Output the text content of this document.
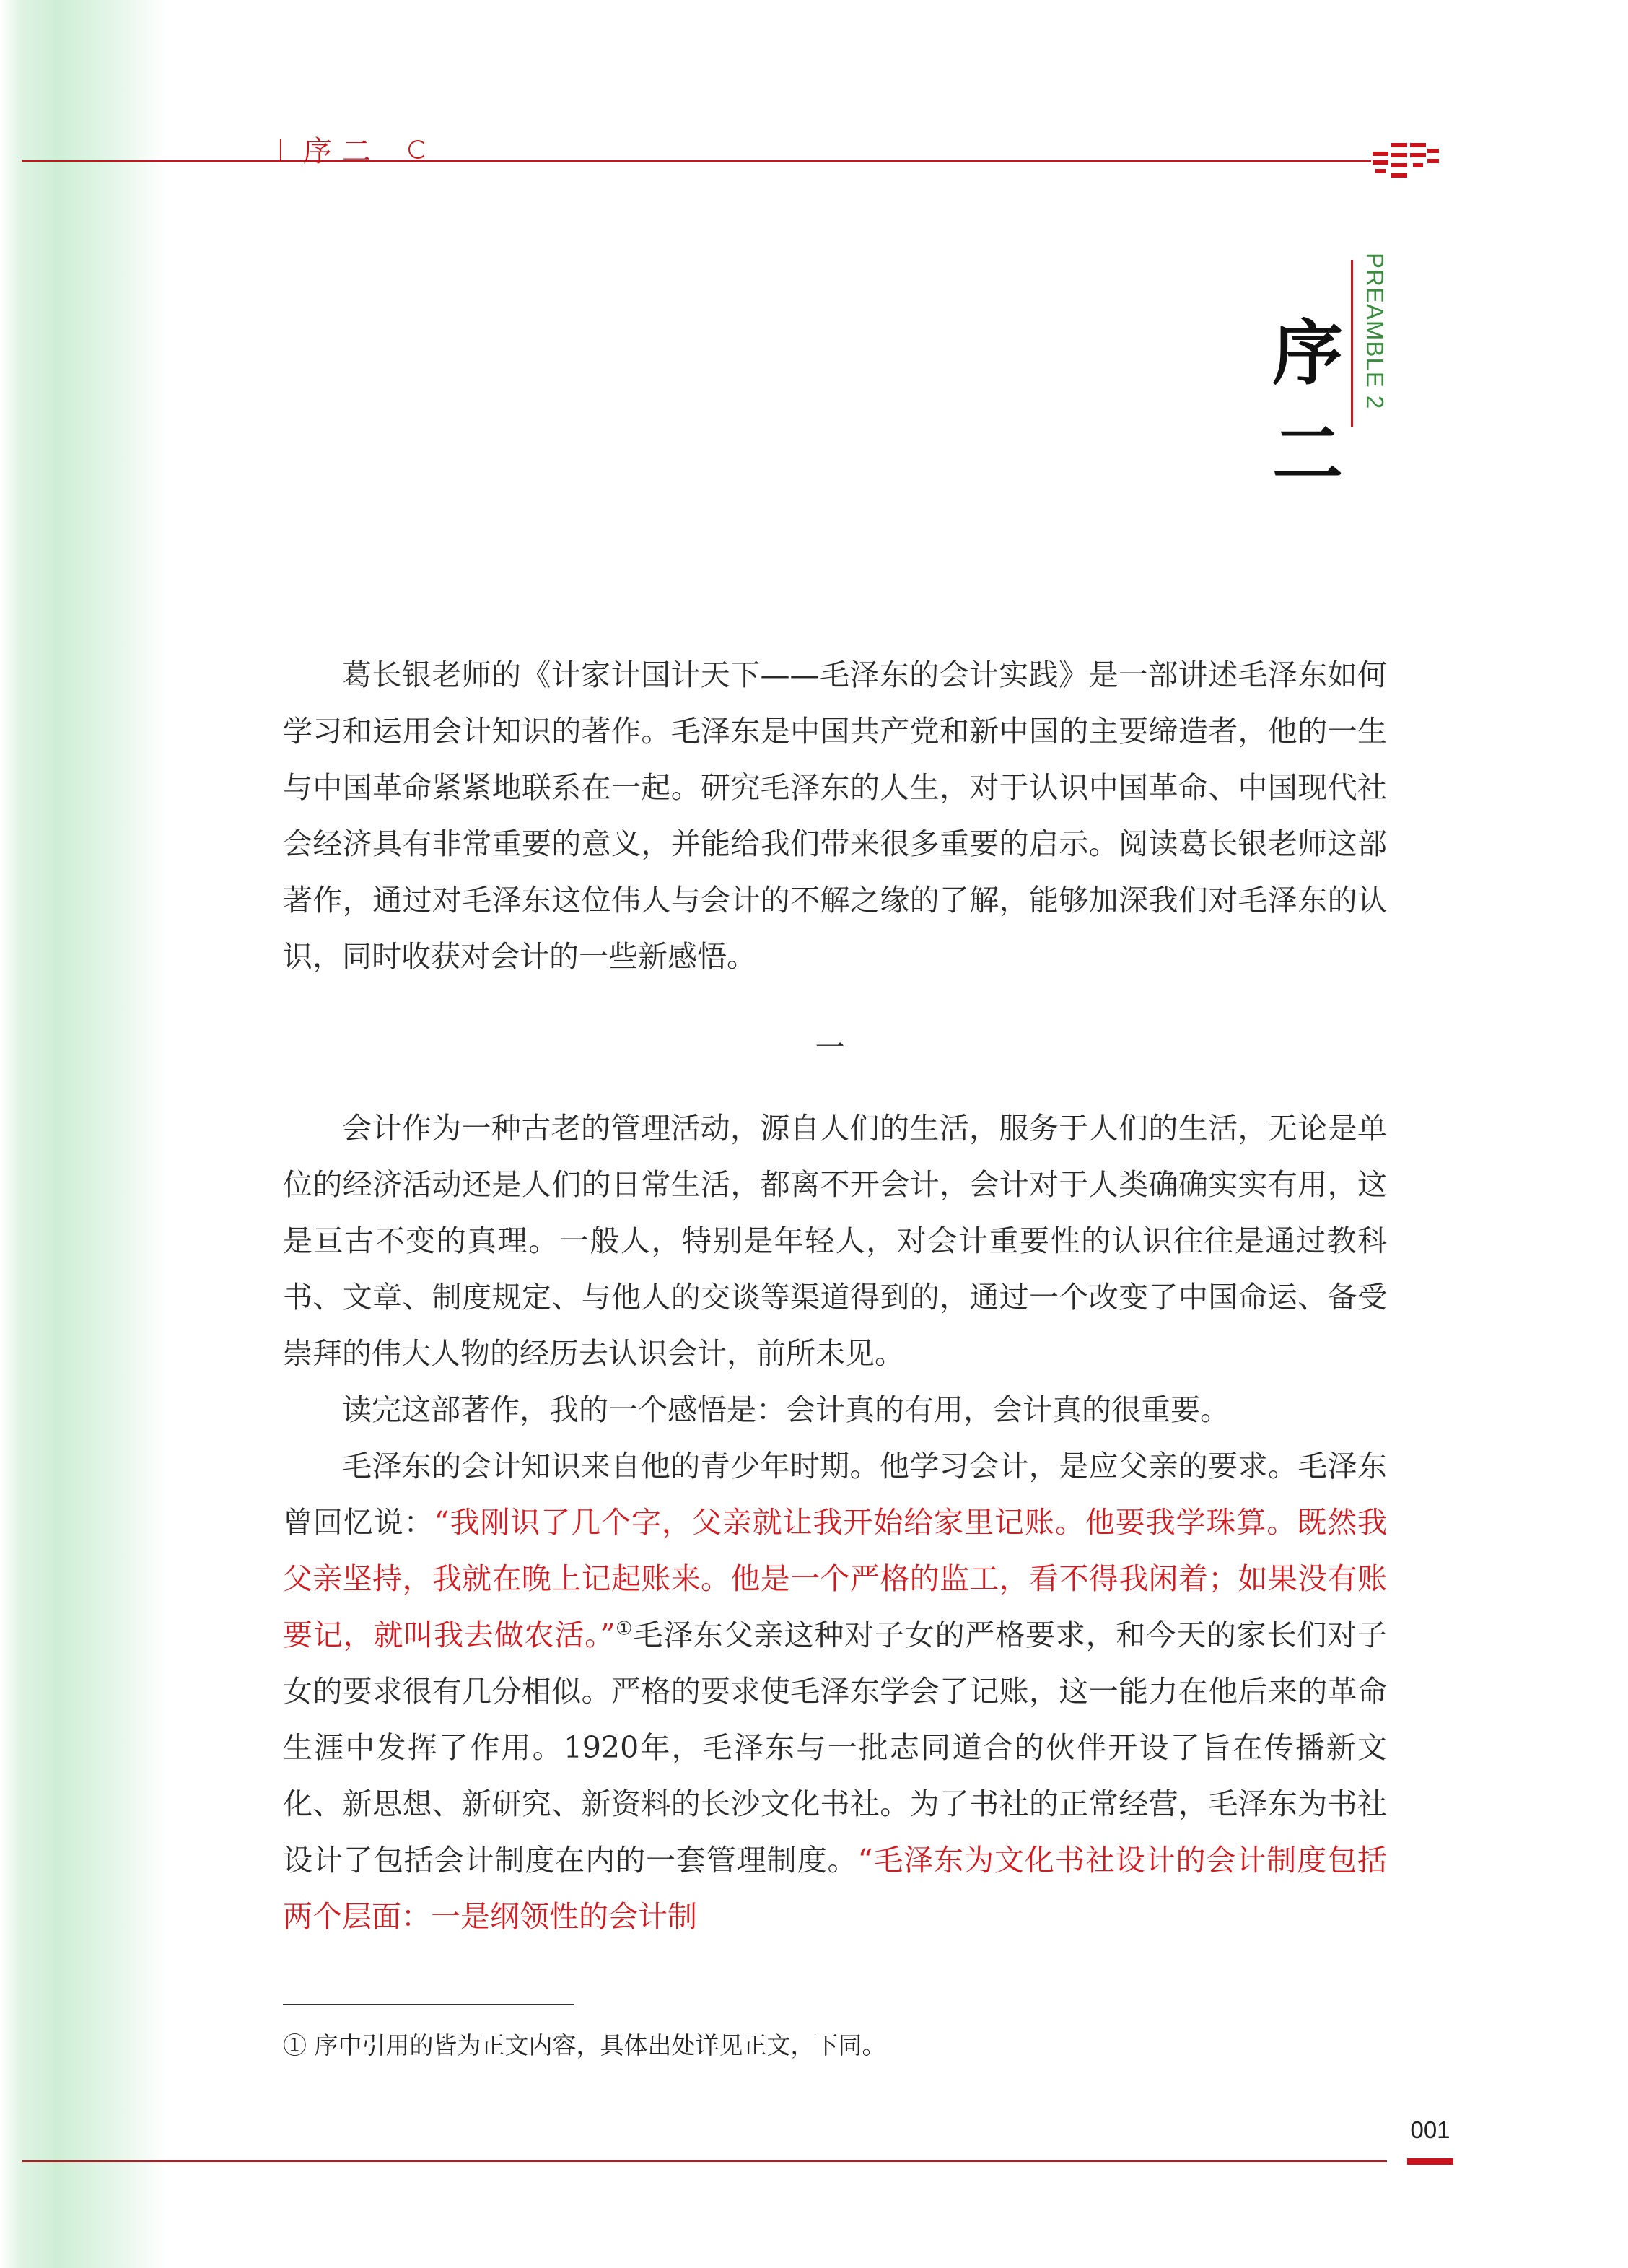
序二
序二
PREAMBLE 2

葛长银老师的《计家计国计天下——毛泽东的会计实践》是一部讲述毛泽东如何学习和运用会计知识的著作。毛泽东是中国共产党和新中国的主要缔造者，他的一生与中国革命紧紧地联系在一起。研究毛泽东的人生，对于认识中国革命、中国现代社会经济具有非常重要的意义，并能给我们带来很多重要的启示。阅读葛长银老师这部著作，通过对毛泽东这位伟人与会计的不解之缘的了解，能够加深我们对毛泽东的认识，同时收获对会计的一些新感悟。

一

会计作为一种古老的管理活动，源自人们的生活，服务于人们的生活，无论是单位的经济活动还是人们的日常生活，都离不开会计，会计对于人类确确实实有用，这是亘古不变的真理。一般人，特别是年轻人，对会计重要性的认识往往是通过教科书、文章、制度规定、与他人的交谈等渠道得到的，通过一个改变了中国命运、备受崇拜的伟大人物的经历去认识会计，前所未见。

读完这部著作，我的一个感悟是：会计真的有用，会计真的很重要。

毛泽东的会计知识来自他的青少年时期。他学习会计，是应父亲的要求。毛泽东曾回忆说：“我刚识了几个字，父亲就让我开始给家里记账。他要我学珠算。既然我父亲坚持，我就在晚上记起账来。他是一个严格的监工，看不得我闲着；如果没有账要记，就叫我去做农活。”①毛泽东父亲这种对子女的严格要求，和今天的家长们对子女的要求很有几分相似。严格的要求使毛泽东学会了记账，这一能力在他后来的革命生涯中发挥了作用。1920年，毛泽东与一批志同道合的伙伴开设了旨在传播新文化、新思想、新研究、新资料的长沙文化书社。为了书社的正常经营，毛泽东为书社设计了包括会计制度在内的一套管理制度。“毛泽东为文化书社设计的会计制度包括两个层面：一是纲领性的会计制

① 序中引用的皆为正文内容，具体出处详见正文，下同。
001
